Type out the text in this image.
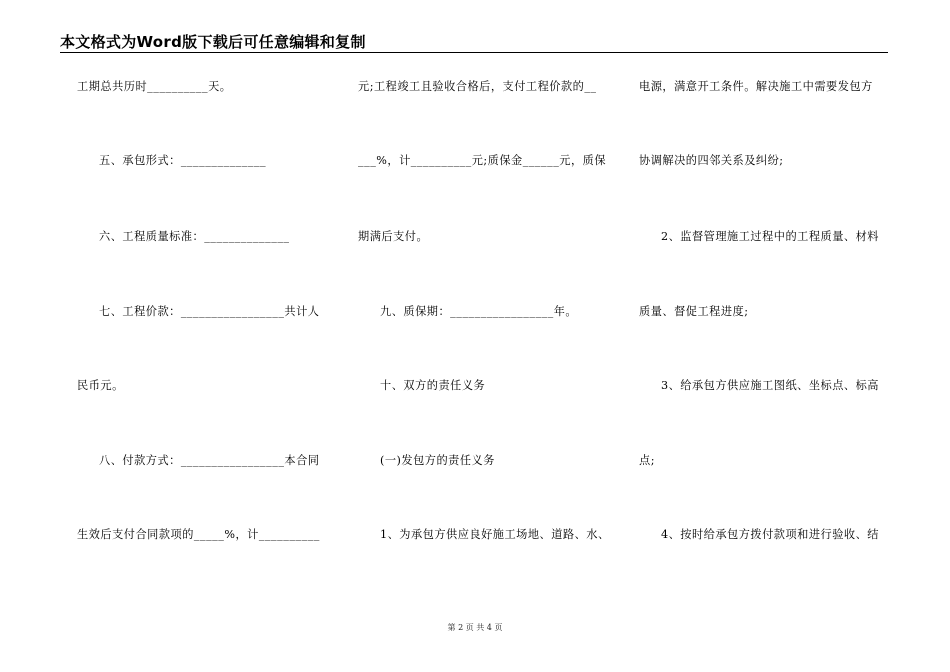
本文格式为Word版下载后可任意编辑和复制
工期总共历时__________天。
五、承包形式：______________
六、工程质量标准：______________
七、工程价款：_________________共计人
民币元。
八、付款方式：_________________本合同
生效后支付合同款项的_____%，计__________
元;工程竣工且验收合格后，支付工程价款的__
___%，计__________元;质保金______元，质保
期满后支付。
九、质保期：_________________年。
十、双方的责任义务
(一)发包方的责任义务
1、为承包方供应良好施工场地、道路、水、
电源，满意开工条件。解决施工中需要发包方
协调解决的四邻关系及纠纷;
2、监督管理施工过程中的工程质量、材料
质量、督促工程进度;
3、给承包方供应施工图纸、坐标点、标高
点;
4、按时给承包方拨付款项和进行验收、结
第 2 页 共 4 页
